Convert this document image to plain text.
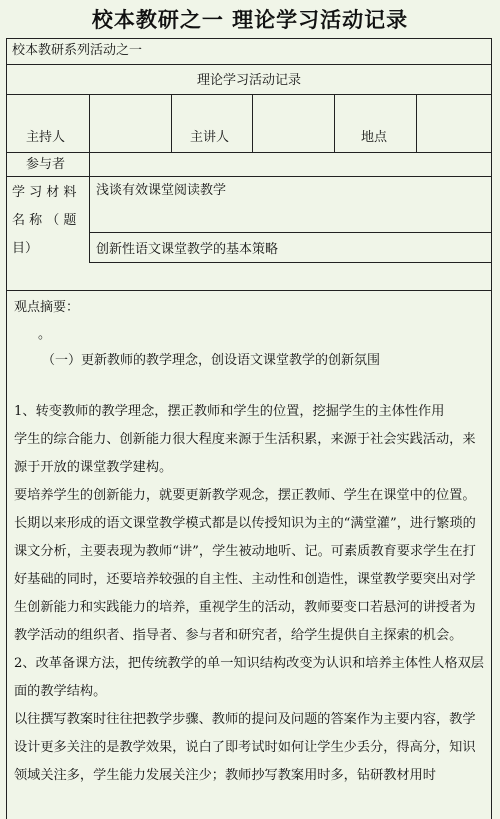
校本教研之一 理论学习活动记录
校本教研系列活动之一
理论学习活动记录
主持人	主讲人	地点
参与者
学 习 材 料
名 称 （ 题
目）
浅谈有效课堂阅读教学
创新性语文课堂教学的基本策略
观点摘要：
。
（一）更新教师的教学理念，创设语文课堂教学的创新氛围

1、转变教师的教学理念，摆正教师和学生的位置，挖掘学生的主体性作用

学生的综合能力、创新能力很大程度来源于生活积累，来源于社会实践活动，来源于开放的课堂教学建构。

要培养学生的创新能力，就要更新教学观念，摆正教师、学生在课堂中的位置。长期以来形成的语文课堂教学模式都是以传授知识为主的“满堂灌”，进行繁琐的课文分析，主要表现为教师“讲”，学生被动地听、记。可素质教育要求学生在打好基础的同时，还要培养较强的自主性、主动性和创造性，课堂教学要突出对学生创新能力和实践能力的培养，重视学生的活动，教师要变口若悬河的讲授者为教学活动的组织者、指导者、参与者和研究者，给学生提供自主探索的机会。

2、改革备课方法，把传统教学的单一知识结构改变为认识和培养主体性人格双层面的教学结构。

以往撰写教案时往往把教学步骤、教师的提问及问题的答案作为主要内容，教学设计更多关注的是教学效果，说白了即考试时如何让学生少丢分，得高分，知识领域关注多，学生能力发展关注少；教师抄写教案用时多，钻研教材用时
